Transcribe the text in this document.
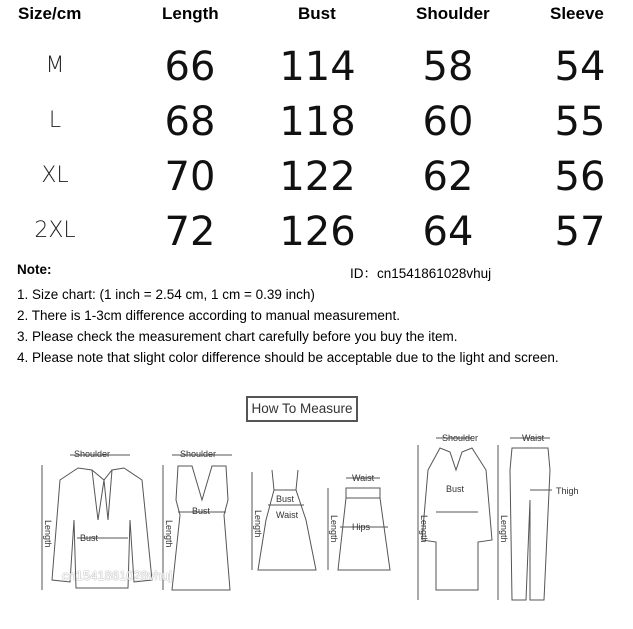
Size/cm	Length	Bust	Shoulder	Sleeve
M	66	114	58	54
L	68	118	60	55
XL	70	122	62	56
2XL	72	126	64	57
Note:	ID：cn1541861028vhuj
1. Size chart: (1 inch = 2.54 cm, 1 cm = 0.39 inch)
2. There is 1-3cm difference according to manual measurement.
3. Please check the measurement chart carefully before you buy the item.
4. Please note that slight color difference should be acceptable due to the light and screen.
How To Measure
Shoulder
Bust
Length
Shoulder
Bust
Length
Bust
Waist
Length
Waist
Hips
Length
Shoulder
Bust
Length
Waist
Thigh
Length
cn1541861028vhuj
